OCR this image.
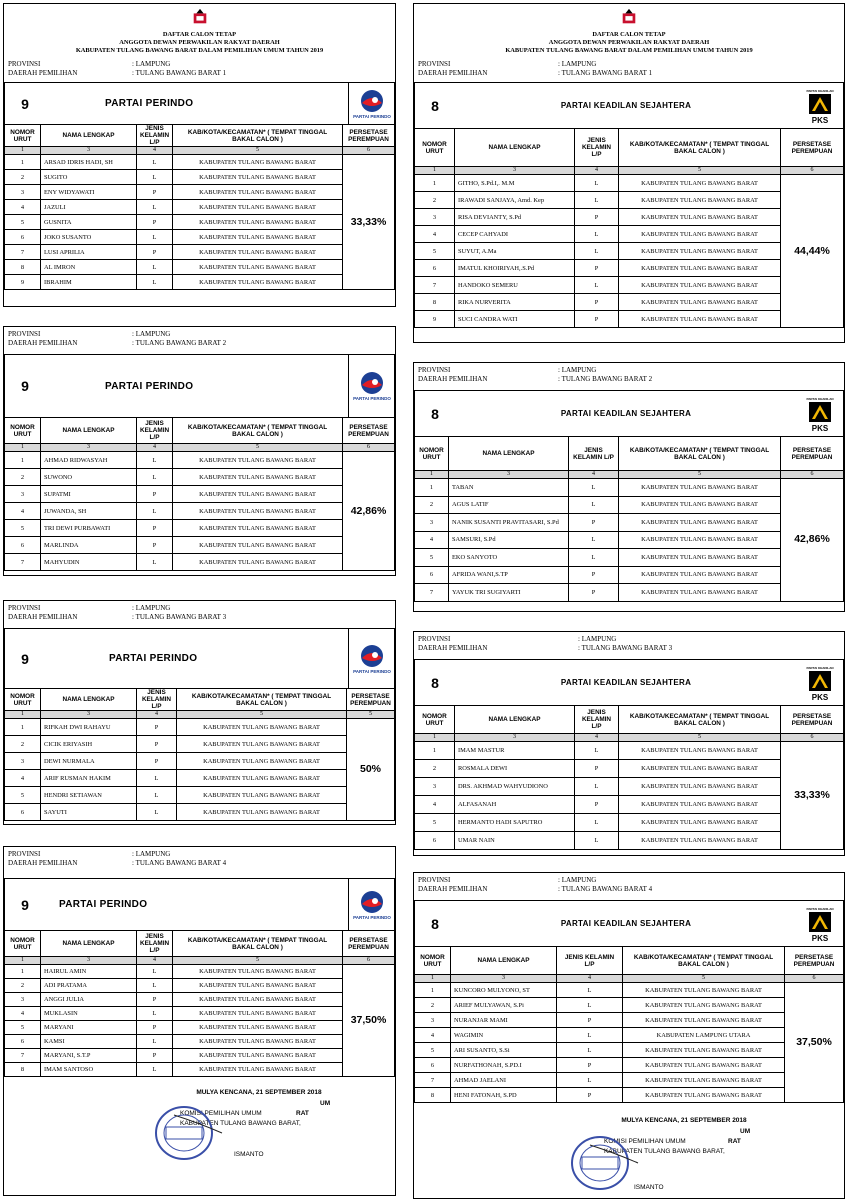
DAFTAR CALON TETAP
ANGGOTA DEWAN PERWAKILAN RAKYAT DAERAH
KABUPATEN TULANG BAWANG BARAT DALAM PEMILIHAN UMUM TAHUN 2019
PROVINSI	: LAMPUNG
DAERAH PEMILIHAN	: TULANG BAWANG BARAT 1
9	PARTAI PERINDO
PARTAI PERINDO
NOMOR URUT	NAMA LENGKAP	JENIS KELAMIN L/P	KAB/KOTA/KECAMATAN* ( TEMPAT TINGGAL BAKAL CALON )	PERSETASE PEREMPUAN
1	3	4	5	6
1	ARSAD IDRIS HADI, SH	L	KABUPATEN TULANG BAWANG BARAT	33,33%
2	SUGITO	L	KABUPATEN TULANG BAWANG BARAT	
3	ENY WIDYAWATI	P	KABUPATEN TULANG BAWANG BARAT	
4	JAZULI	L	KABUPATEN TULANG BAWANG BARAT	
5	GUSNITA	P	KABUPATEN TULANG BAWANG BARAT	
6	JOKO SUSANTO	L	KABUPATEN TULANG BAWANG BARAT	
7	LUSI APRILIA	P	KABUPATEN TULANG BAWANG BARAT	
8	AL IMRON	L	KABUPATEN TULANG BAWANG BARAT	
9	IBRAHIM	L	KABUPATEN TULANG BAWANG BARAT	
PROVINSI	: LAMPUNG
DAERAH PEMILIHAN	: TULANG BAWANG BARAT 2
9	PARTAI PERINDO
PARTAI PERINDO
NOMOR URUT	NAMA LENGKAP	JENIS KELAMIN L/P	KAB/KOTA/KECAMATAN* ( TEMPAT TINGGAL BAKAL CALON )	PERSETASE PEREMPUAN
1	3	4	5	6
1	AHMAD RIDWASYAH	L	KABUPATEN TULANG BAWANG BARAT	42,86%
2	SUWONO	L	KABUPATEN TULANG BAWANG BARAT	
3	SUPATMI	P	KABUPATEN TULANG BAWANG BARAT	
4	JUWANDA, SH	L	KABUPATEN TULANG BAWANG BARAT	
5	TRI DEWI PURBAWATI	P	KABUPATEN TULANG BAWANG BARAT	
6	MARLINDA	P	KABUPATEN TULANG BAWANG BARAT	
7	MAHYUDIN	L	KABUPATEN TULANG BAWANG BARAT	
PROVINSI	: LAMPUNG
DAERAH PEMILIHAN	: TULANG BAWANG BARAT 3
9	PARTAI PERINDO
PARTAI PERINDO
NOMOR URUT	NAMA LENGKAP	JENIS KELAMIN L/P	KAB/KOTA/KECAMATAN* ( TEMPAT TINGGAL BAKAL CALON )	PERSETASE PEREMPUAN
1	3	4	5	5
1	RIFKAH DWI RAHAYU	P	KABUPATEN TULANG BAWANG BARAT	50%
2	CICIK ERIYASIH	P	KABUPATEN TULANG BAWANG BARAT	
3	DEWI NURMALA	P	KABUPATEN TULANG BAWANG BARAT	
4	ARIF RUSMAN HAKIM	L	KABUPATEN TULANG BAWANG BARAT	
5	HENDRI SETIAWAN	L	KABUPATEN TULANG BAWANG BARAT	
6	SAYUTI	L	KABUPATEN TULANG BAWANG BARAT	
PROVINSI	: LAMPUNG
DAERAH PEMILIHAN	: TULANG BAWANG BARAT 4
9	PARTAI PERINDO
PARTAI PERINDO
NOMOR URUT	NAMA LENGKAP	JENIS KELAMIN L/P	KAB/KOTA/KECAMATAN* ( TEMPAT TINGGAL BAKAL CALON )	PERSETASE PEREMPUAN
1	3	4	5	6
1	HAIRUL AMIN	L	KABUPATEN TULANG BAWANG BARAT	37,50%
2	ADI PRATAMA	L	KABUPATEN TULANG BAWANG BARAT	
3	ANGGI JULIA	P	KABUPATEN TULANG BAWANG BARAT	
4	MUKLASIN	L	KABUPATEN TULANG BAWANG BARAT	
5	MARYANI	P	KABUPATEN TULANG BAWANG BARAT	
6	KAMSI	L	KABUPATEN TULANG BAWANG BARAT	
7	MARYANI, S.T.P	P	KABUPATEN TULANG BAWANG BARAT	
8	IMAM SANTOSO	L	KABUPATEN TULANG BAWANG BARAT	
MULYA KENCANA, 21 SEPTEMBER 2018
UM
KOMISI PEMILIHAN UMUM	RAT
KABUPATEN TULANG BAWANG BARAT,
ISMANTO
DAFTAR CALON TETAP
ANGGOTA DEWAN PERWAKILAN RAKYAT DAERAH
KABUPATEN TULANG BAWANG BARAT DALAM PEMILIHAN UMUM TAHUN 2019
PROVINSI	: LAMPUNG
DAERAH PEMILIHAN	: TULANG BAWANG BARAT 1
8	PARTAI KEADILAN SEJAHTERA
PARTAI KEADILAN
PKS
NOMOR URUT	NAMA LENGKAP	JENIS KELAMIN L/P	KAB/KOTA/KECAMATAN* ( TEMPAT TINGGAL BAKAL CALON )	PERSETASE PEREMPUAN
1	3	4	5	6
1	GITHO, S.Pd.I,. M.M	L	KABUPATEN TULANG BAWANG BARAT	44,44%
2	IRAWADI SANJAYA, Amd. Kep	L	KABUPATEN TULANG BAWANG BARAT	
3	RISA DEVIANTY, S.Pd	P	KABUPATEN TULANG BAWANG BARAT	
4	CECEP CAHYADI	L	KABUPATEN TULANG BAWANG BARAT	
5	SUYUT, A.Ma	L	KABUPATEN TULANG BAWANG BARAT	
6	IMATUL KHOIRIYAH,.S.Pd	P	KABUPATEN TULANG BAWANG BARAT	
7	HANDOKO SEMERU	L	KABUPATEN TULANG BAWANG BARAT	
8	RIKA NURVERITA	P	KABUPATEN TULANG BAWANG BARAT	
9	SUCI CANDRA WATI	P	KABUPATEN TULANG BAWANG BARAT	
PROVINSI	: LAMPUNG
DAERAH PEMILIHAN	: TULANG BAWANG BARAT 2
8	PARTAI KEADILAN SEJAHTERA
PARTAI KEADILAN
PKS
NOMOR URUT	NAMA LENGKAP	JENIS KELAMIN L/P	KAB/KOTA/KECAMATAN* ( TEMPAT TINGGAL BAKAL CALON )	PERSETASE PEREMPUAN
1	3	4	5	6
1	TABAN	L	KABUPATEN TULANG BAWANG BARAT	42,86%
2	AGUS LATIF	L	KABUPATEN TULANG BAWANG BARAT	
3	NANIK SUSANTI PRAVITASARI, S.Pd	P	KABUPATEN TULANG BAWANG BARAT	
4	SAMSURI, S.Pd	L	KABUPATEN TULANG BAWANG BARAT	
5	EKO SANYOTO	L	KABUPATEN TULANG BAWANG BARAT	
6	AFRIDA WANI,S.TP	P	KABUPATEN TULANG BAWANG BARAT	
7	YAYUK TRI SUGIYARTI	P	KABUPATEN TULANG BAWANG BARAT	
PROVINSI	: LAMPUNG
DAERAH PEMILIHAN	: TULANG BAWANG BARAT 3
8	PARTAI KEADILAN SEJAHTERA
PARTAI KEADILAN
PKS
NOMOR URUT	NAMA LENGKAP	JENIS KELAMIN L/P	KAB/KOTA/KECAMATAN* ( TEMPAT TINGGAL BAKAL CALON )	PERSETASE PEREMPUAN
1	3	4	5	6
1	IMAM MASTUR	L	KABUPATEN TULANG BAWANG BARAT	33,33%
2	ROSMALA DEWI	P	KABUPATEN TULANG BAWANG BARAT	
3	DRS. AKHMAD WAHYUDIONO	L	KABUPATEN TULANG BAWANG BARAT	
4	ALFASANAH	P	KABUPATEN TULANG BAWANG BARAT	
5	HERMANTO HADI SAPUTRO	L	KABUPATEN TULANG BAWANG BARAT	
6	UMAR NAIN	L	KABUPATEN TULANG BAWANG BARAT	
PROVINSI	: LAMPUNG
DAERAH PEMILIHAN	: TULANG BAWANG BARAT 4
8	PARTAI KEADILAN SEJAHTERA
PARTAI KEADILAN
PKS
NOMOR URUT	NAMA LENGKAP	JENIS KELAMIN L/P	KAB/KOTA/KECAMATAN* ( TEMPAT TINGGAL BAKAL CALON )	PERSETASE PEREMPUAN
1	3	4	5	6
1	KUNCORO MULYONO, ST	L	KABUPATEN TULANG BAWANG BARAT	37,50%
2	ARIEF MULYAWAN, S.Pi	L	KABUPATEN TULANG BAWANG BARAT	
3	NURANJAR MAMI	P	KABUPATEN TULANG BAWANG BARAT	
4	WAGIMIN	L	KABUPATEN LAMPUNG UTARA	
5	ARI SUSANTO, S.Si	L	KABUPATEN TULANG BAWANG BARAT	
6	NURFATHONAH, S.PD.I	P	KABUPATEN TULANG BAWANG BARAT	
7	AHMAD JAELANI	L	KABUPATEN TULANG BAWANG BARAT	
8	HENI FATONAH, S.PD	P	KABUPATEN TULANG BAWANG BARAT	
MULYA KENCANA, 21 SEPTEMBER 2018
UM
KOMISI PEMILIHAN UMUM	RAT
KABUPATEN TULANG BAWANG BARAT,
ISMANTO
